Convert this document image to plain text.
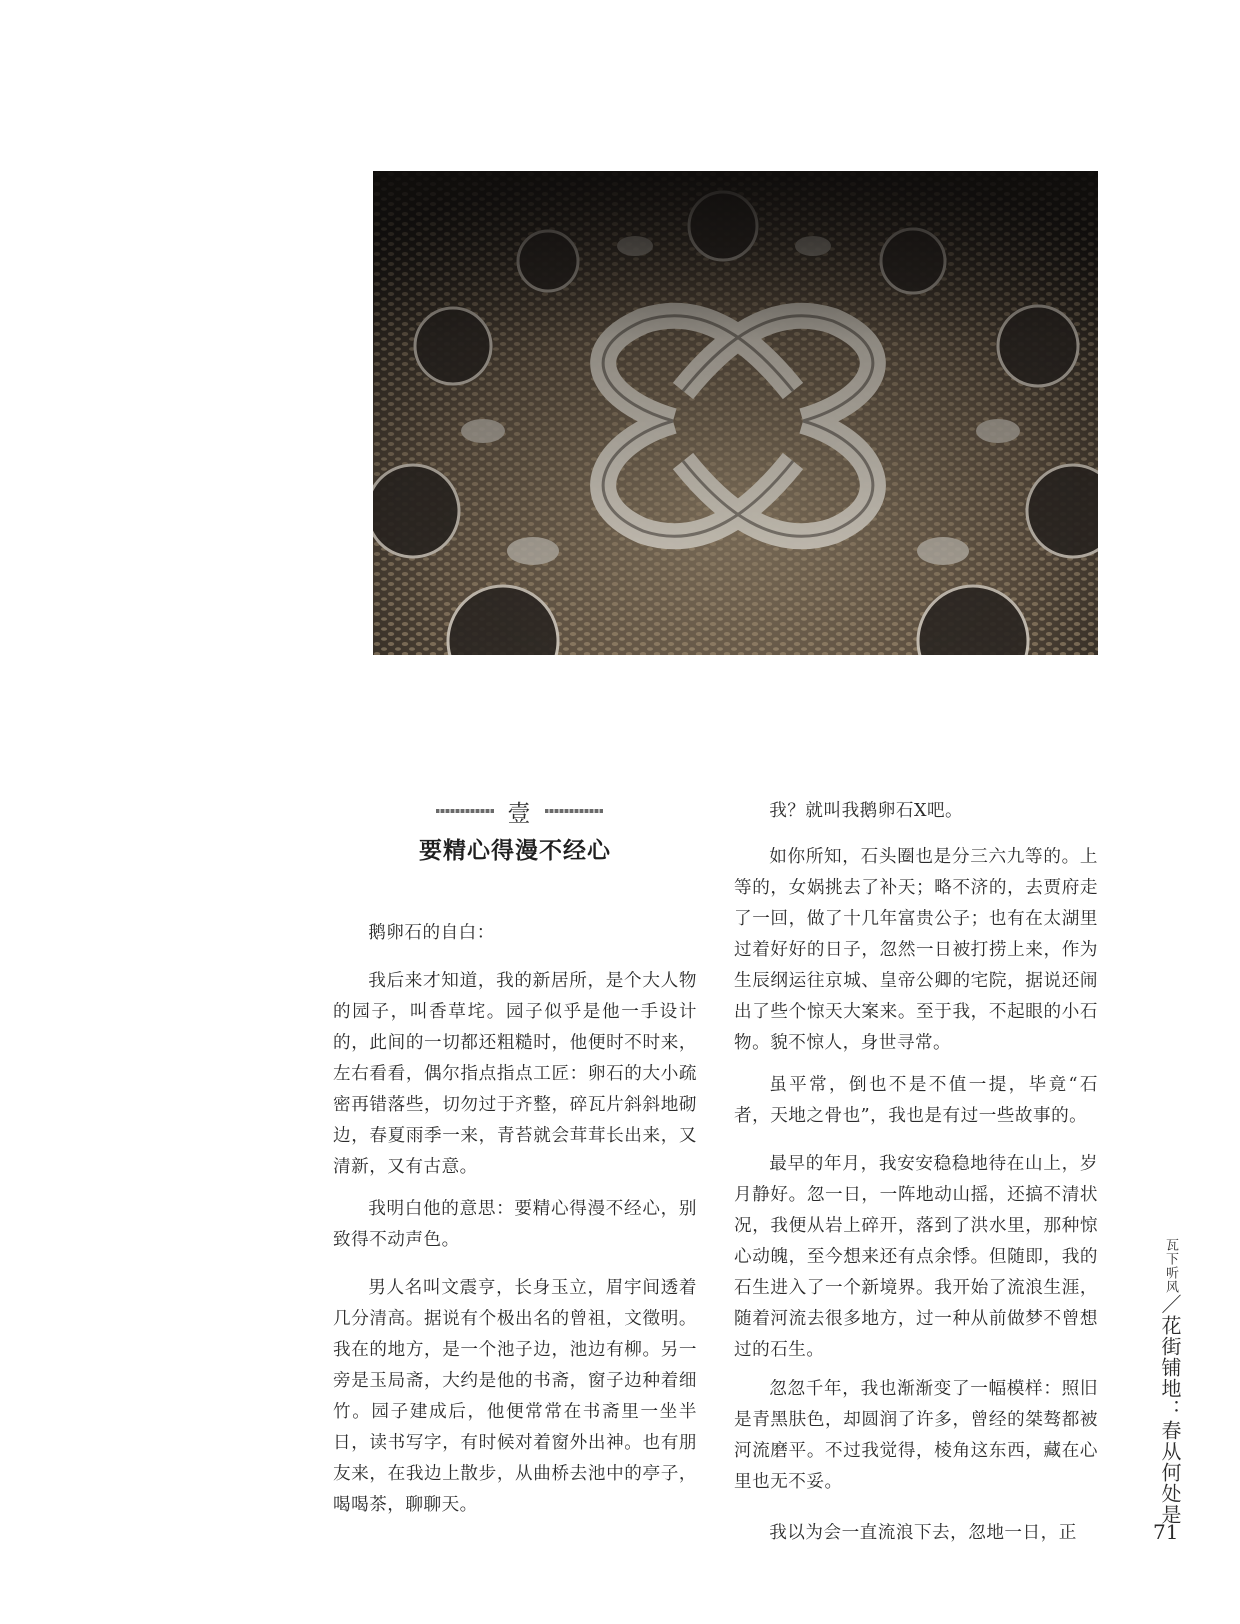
壹
要精心得漫不经心

鹅卵石的自白：

我后来才知道，我的新居所，是个大人物的园子，叫香草垞。园子似乎是他一手设计的，此间的一切都还粗糙时，他便时不时来，左右看看，偶尔指点指点工匠：卵石的大小疏密再错落些，切勿过于齐整，碎瓦片斜斜地砌边，春夏雨季一来，青苔就会茸茸长出来，又清新，又有古意。

我明白他的意思：要精心得漫不经心，别致得不动声色。

男人名叫文震亨，长身玉立，眉宇间透着几分清高。据说有个极出名的曾祖，文徵明。我在的地方，是一个池子边，池边有柳。另一旁是玉局斋，大约是他的书斋，窗子边种着细竹。园子建成后，他便常常在书斋里一坐半日，读书写字，有时候对着窗外出神。也有朋友来，在我边上散步，从曲桥去池中的亭子，喝喝茶，聊聊天。

我？就叫我鹅卵石X吧。

如你所知，石头圈也是分三六九等的。上等的，女娲挑去了补天；略不济的，去贾府走了一回，做了十几年富贵公子；也有在太湖里过着好好的日子，忽然一日被打捞上来，作为生辰纲运往京城、皇帝公卿的宅院，据说还闹出了些个惊天大案来。至于我，不起眼的小石物。貌不惊人，身世寻常。

虽平常，倒也不是不值一提，毕竟“石者，天地之骨也”，我也是有过一些故事的。

最早的年月，我安安稳稳地待在山上，岁月静好。忽一日，一阵地动山摇，还搞不清状况，我便从岩上碎开，落到了洪水里，那种惊心动魄，至今想来还有点余悸。但随即，我的石生进入了一个新境界。我开始了流浪生涯，随着河流去很多地方，过一种从前做梦不曾想过的石生。

忽忽千年，我也渐渐变了一幅模样：照旧是青黑肤色，却圆润了许多，曾经的桀骜都被河流磨平。不过我觉得，棱角这东西，藏在心里也无不妥。

我以为会一直流浪下去，忽地一日，正

瓦下听风／花街铺地：春从何处是
71
